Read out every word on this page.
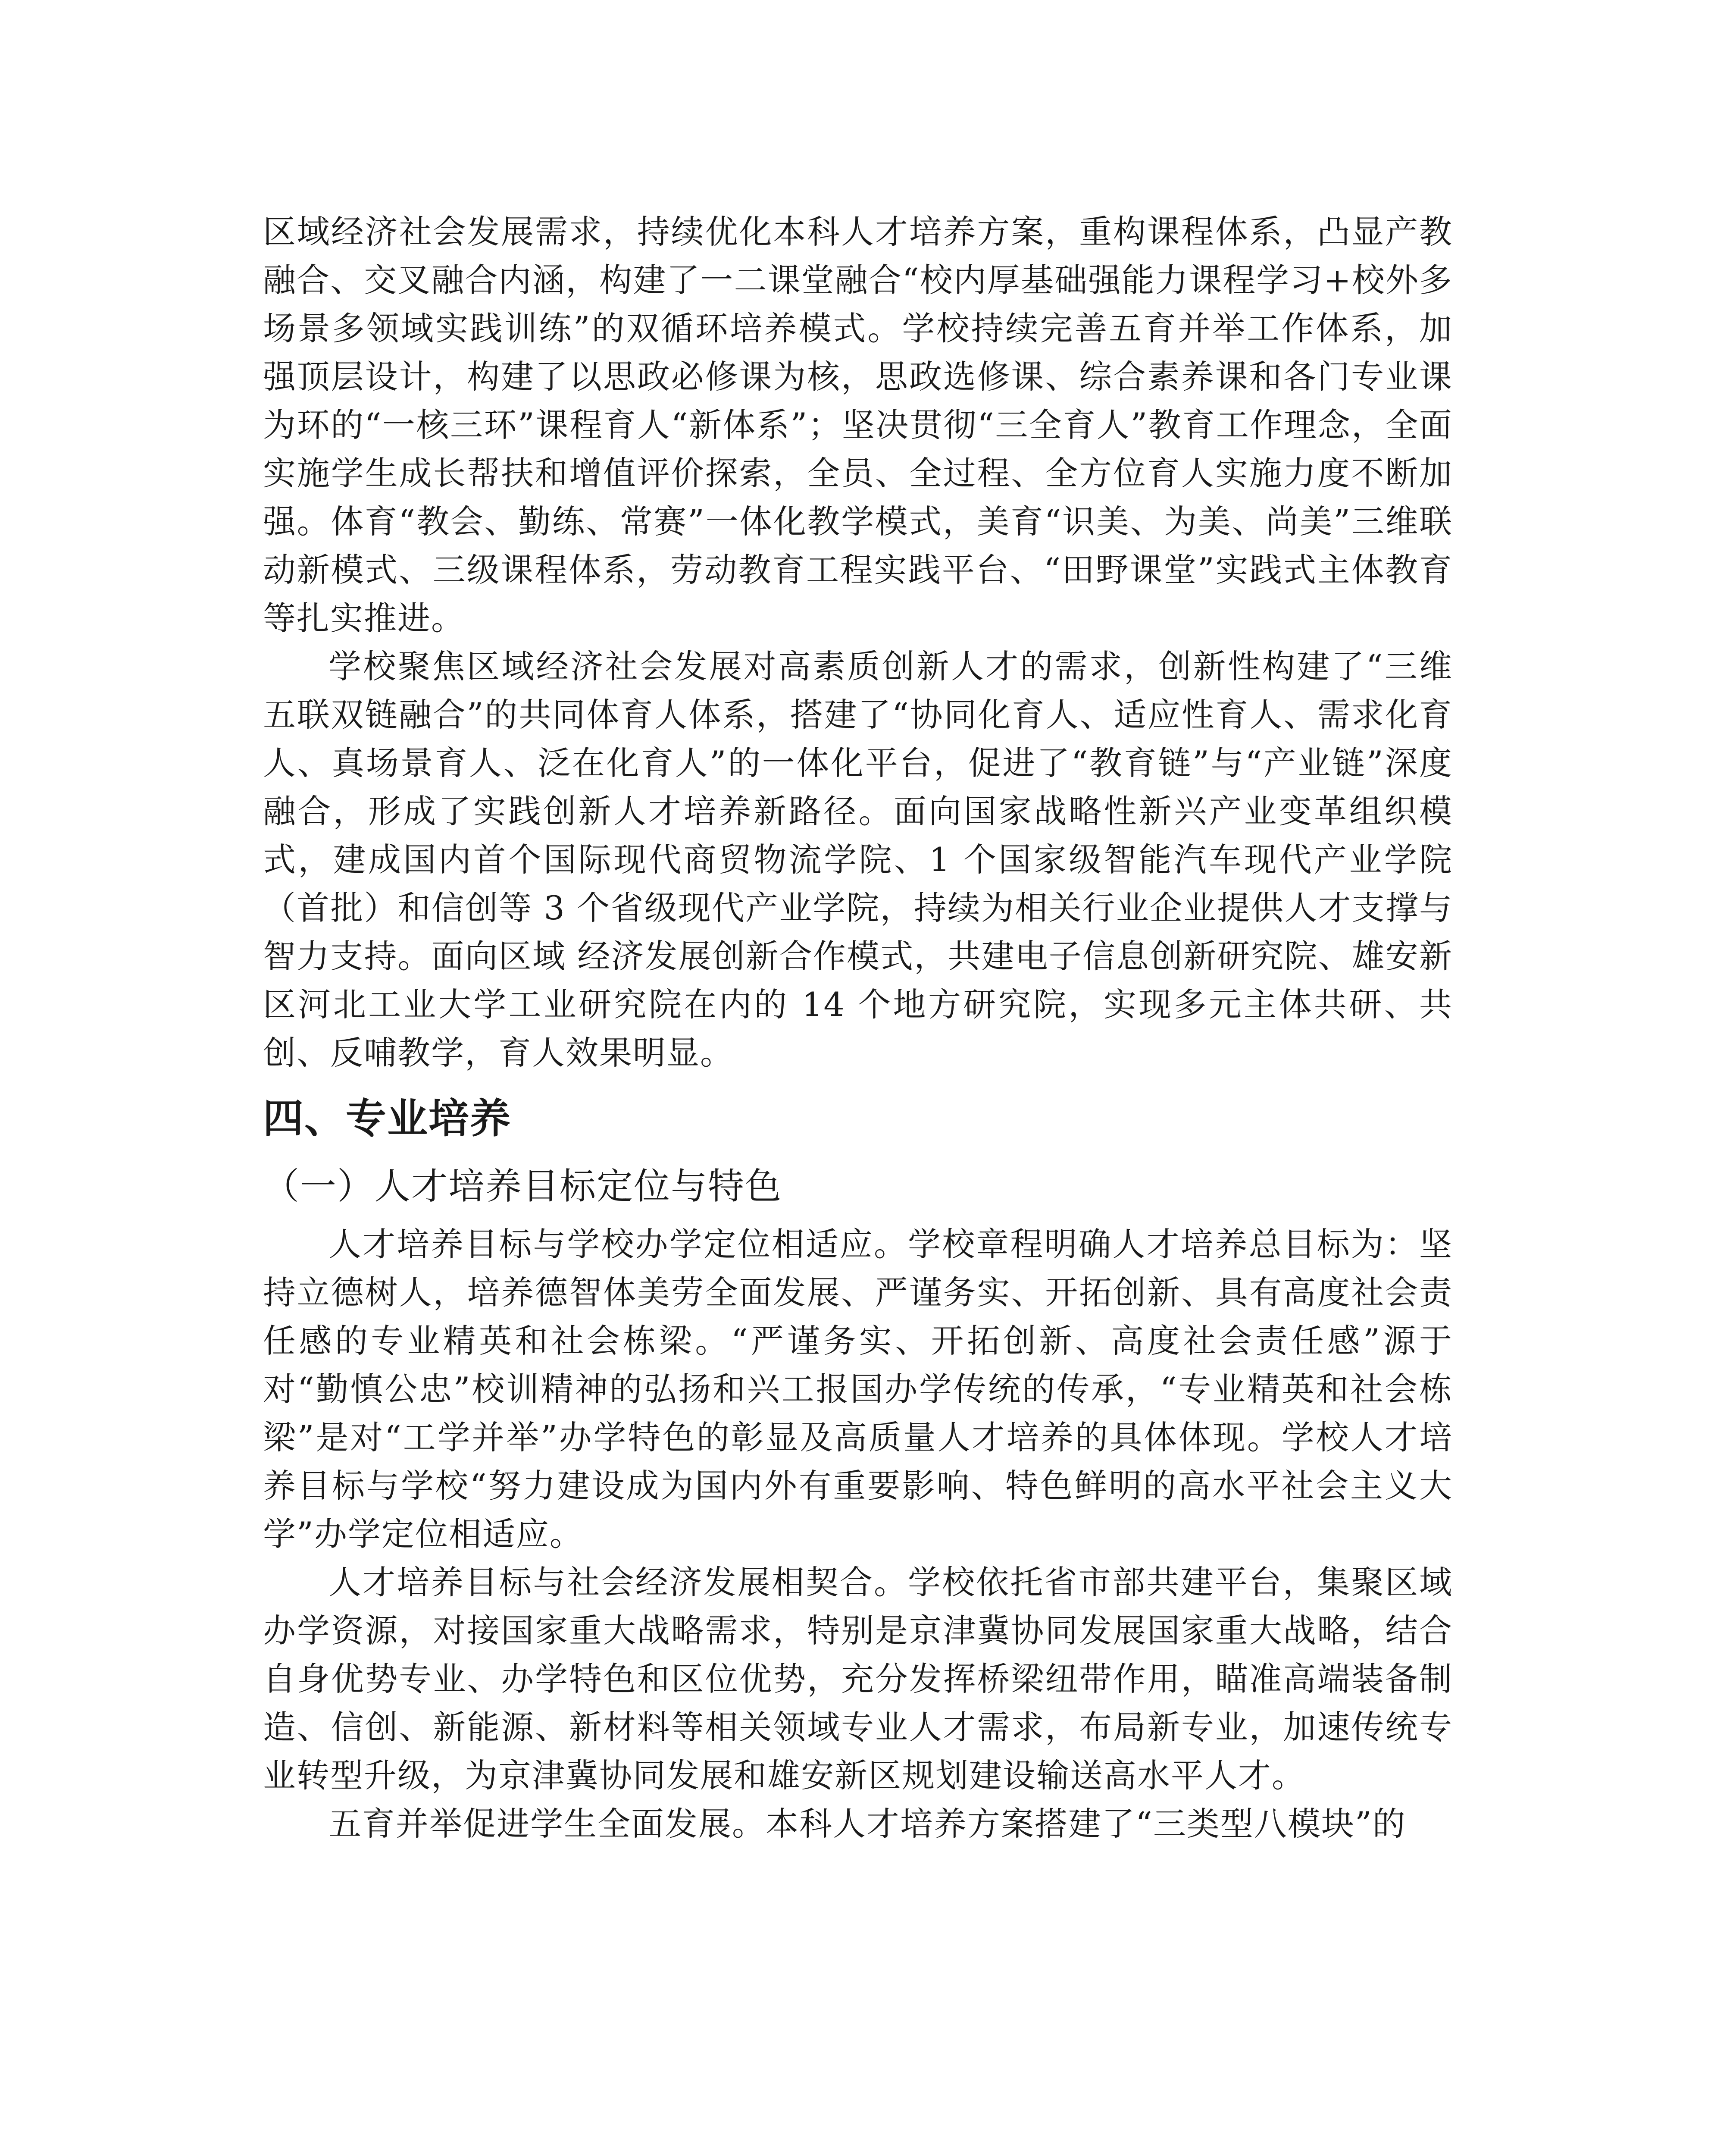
区域经济社会发展需求，持续优化本科人才培养方案，重构课程体系，凸显产教融合、交叉融合内涵，构建了一二课堂融合“校内厚基础强能力课程学习+校外多场景多领域实践训练”的双循环培养模式。学校持续完善五育并举工作体系，加强顶层设计，构建了以思政必修课为核，思政选修课、综合素养课和各门专业课为环的“一核三环”课程育人“新体系”；坚决贯彻“三全育人”教育工作理念，全面实施学生成长帮扶和增值评价探索，全员、全过程、全方位育人实施力度不断加强。体育“教会、勤练、常赛”一体化教学模式，美育“识美、为美、尚美”三维联动新模式、三级课程体系，劳动教育工程实践平台、“田野课堂”实践式主体教育等扎实推进。

学校聚焦区域经济社会发展对高素质创新人才的需求，创新性构建了“三维五联双链融合”的共同体育人体系，搭建了“协同化育人、适应性育人、需求化育人、真场景育人、泛在化育人”的一体化平台，促进了“教育链”与“产业链”深度融合，形成了实践创新人才培养新路径。面向国家战略性新兴产业变革组织模式，建成国内首个国际现代商贸物流学院、1 个国家级智能汽车现代产业学院（首批）和信创等 3 个省级现代产业学院，持续为相关行业企业提供人才支撑与智力支持。面向区域 经济发展创新合作模式，共建电子信息创新研究院、雄安新区河北工业大学工业研究院在内的 14 个地方研究院，实现多元主体共研、共创、反哺教学，育人效果明显。

四、专业培养
（一）人才培养目标定位与特色

人才培养目标与学校办学定位相适应。学校章程明确人才培养总目标为：坚持立德树人，培养德智体美劳全面发展、严谨务实、开拓创新、具有高度社会责任感的专业精英和社会栋梁。“严谨务实、开拓创新、高度社会责任感”源于对“勤慎公忠”校训精神的弘扬和兴工报国办学传统的传承，“专业精英和社会栋梁”是对“工学并举”办学特色的彰显及高质量人才培养的具体体现。学校人才培养目标与学校“努力建设成为国内外有重要影响、特色鲜明的高水平社会主义大学”办学定位相适应。

人才培养目标与社会经济发展相契合。学校依托省市部共建平台，集聚区域办学资源，对接国家重大战略需求，特别是京津冀协同发展国家重大战略，结合自身优势专业、办学特色和区位优势，充分发挥桥梁纽带作用，瞄准高端装备制造、信创、新能源、新材料等相关领域专业人才需求，布局新专业，加速传统专业转型升级，为京津冀协同发展和雄安新区规划建设输送高水平人才。

五育并举促进学生全面发展。本科人才培养方案搭建了“三类型八模块”的
